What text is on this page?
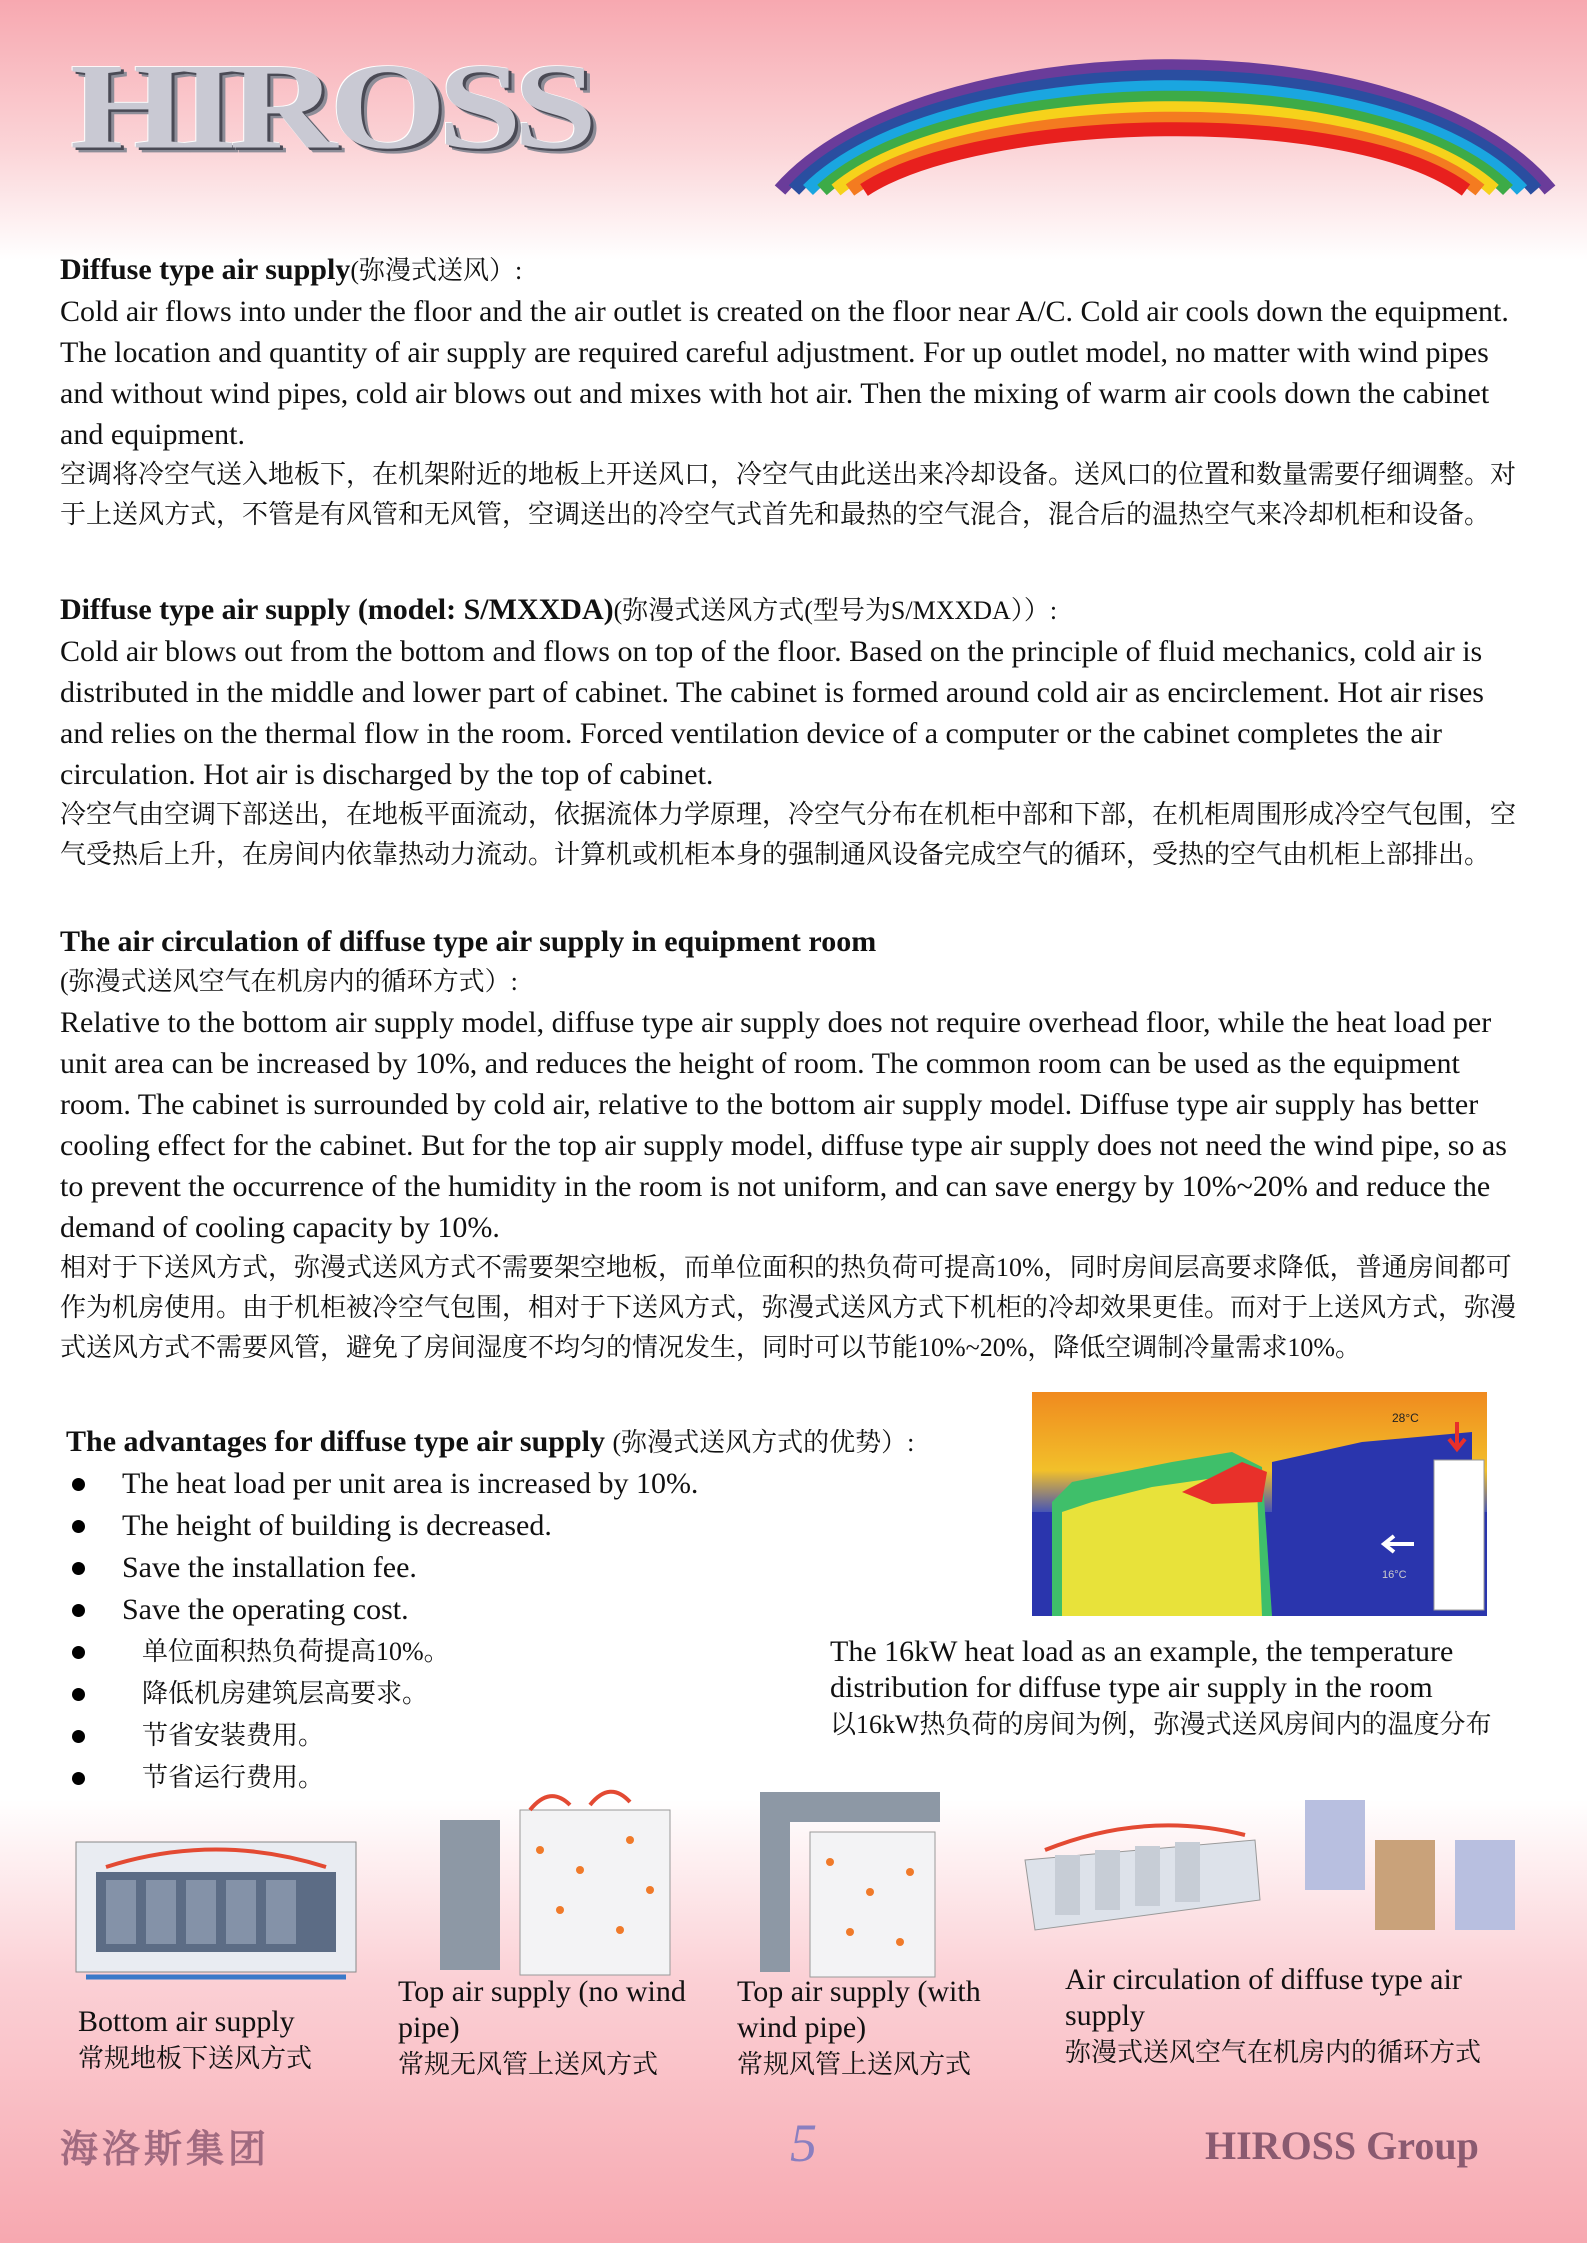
HIROSS
Diffuse type air supply(弥漫式送风）:
Cold air flows into under the floor and the air outlet is created on the floor near A/C. Cold air cools down the equipment. The location and quantity of air supply are required careful adjustment. For up outlet model, no matter with wind pipes and without wind pipes, cold air blows out and mixes with hot air. Then the mixing of warm air cools down the cabinet and equipment.
空调将冷空气送入地板下，在机架附近的地板上开送风口，冷空气由此送出来冷却设备。送风口的位置和数量需要仔细调整。对于上送风方式，不管是有风管和无风管，空调送出的冷空气式首先和最热的空气混合，混合后的温热空气来冷却机柜和设备。
Diffuse type air supply (model: S/MXXDA)(弥漫式送风方式(型号为S/MXXDA））:
Cold air blows out from the bottom and flows on top of the floor. Based on the principle of fluid mechanics, cold air is distributed in the middle and lower part of cabinet. The cabinet is formed around cold air as encirclement. Hot air rises and relies on the thermal flow in the room. Forced ventilation device of a computer or the cabinet completes the air circulation. Hot air is discharged by the top of cabinet.
冷空气由空调下部送出，在地板平面流动，依据流体力学原理，冷空气分布在机柜中部和下部，在机柜周围形成冷空气包围，空气受热后上升，在房间内依靠热动力流动。计算机或机柜本身的强制通风设备完成空气的循环，受热的空气由机柜上部排出。
The air circulation of diffuse type air supply in equipment room
(弥漫式送风空气在机房内的循环方式）:
Relative to the bottom air supply model, diffuse type air supply does not require overhead floor, while the heat load per unit area can be increased by 10%, and reduces the height of room. The common room can be used as the equipment room. The cabinet is surrounded by cold air, relative to the bottom air supply model. Diffuse type air supply has better cooling effect for the cabinet. But for the top air supply model, diffuse type air supply does not need the wind pipe, so as to prevent the occurrence of the humidity in the room is not uniform, and can save energy by 10%~20% and reduce the demand of cooling capacity by 10%.
相对于下送风方式，弥漫式送风方式不需要架空地板，而单位面积的热负荷可提高10%，同时房间层高要求降低，普通房间都可作为机房使用。由于机柜被冷空气包围，相对于下送风方式，弥漫式送风方式下机柜的冷却效果更佳。而对于上送风方式，弥漫式送风方式不需要风管，避免了房间湿度不均匀的情况发生，同时可以节能10%~20%，降低空调制冷量需求10%。
The advantages for diffuse type air supply (弥漫式送风方式的优势）:
The heat load per unit area is increased by 10%.
The height of building is decreased.
Save the installation fee.
Save the operating cost.
单位面积热负荷提高10%。
降低机房建筑层高要求。
节省安装费用。
节省运行费用。
28°C
16°C
The 16kW heat load as an example, the temperature distribution for diffuse type air supply in the room
以16kW热负荷的房间为例，弥漫式送风房间内的温度分布
Bottom air supply
常规地板下送风方式
Top air supply (no wind pipe)
常规无风管上送风方式
Top air supply (with wind pipe)
常规风管上送风方式
Air circulation of diffuse type air supply
弥漫式送风空气在机房内的循环方式
海洛斯集团	5	HIROSS Group
